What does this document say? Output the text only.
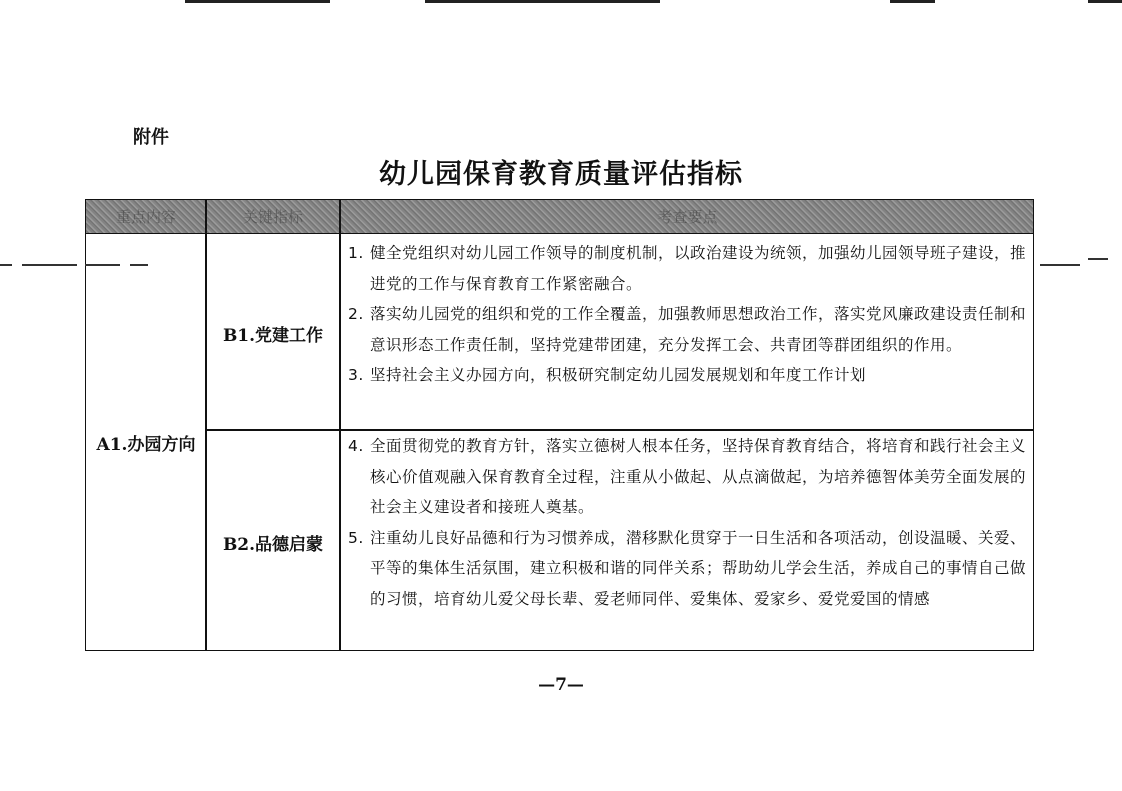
附件
幼儿园保育教育质量评估指标
重点内容	关键指标	考查要点
A1.办园方向
B1.党建工作
B2.品德启蒙
1. 健全党组织对幼儿园工作领导的制度机制，以政治建设为统领，加强幼儿园领导班子建设，推进党的工作与保育教育工作紧密融合。
2. 落实幼儿园党的组织和党的工作全覆盖，加强教师思想政治工作，落实党风廉政建设责任制和意识形态工作责任制，坚持党建带团建，充分发挥工会、共青团等群团组织的作用。
3. 坚持社会主义办园方向，积极研究制定幼儿园发展规划和年度工作计划
4. 全面贯彻党的教育方针，落实立德树人根本任务，坚持保育教育结合，将培育和践行社会主义核心价值观融入保育教育全过程，注重从小做起、从点滴做起，为培养德智体美劳全面发展的社会主义建设者和接班人奠基。
5. 注重幼儿良好品德和行为习惯养成，潜移默化贯穿于一日生活和各项活动，创设温暖、关爱、平等的集体生活氛围，建立积极和谐的同伴关系；帮助幼儿学会生活，养成自己的事情自己做的习惯，培育幼儿爱父母长辈、爱老师同伴、爱集体、爱家乡、爱党爱国的情感
—7—
